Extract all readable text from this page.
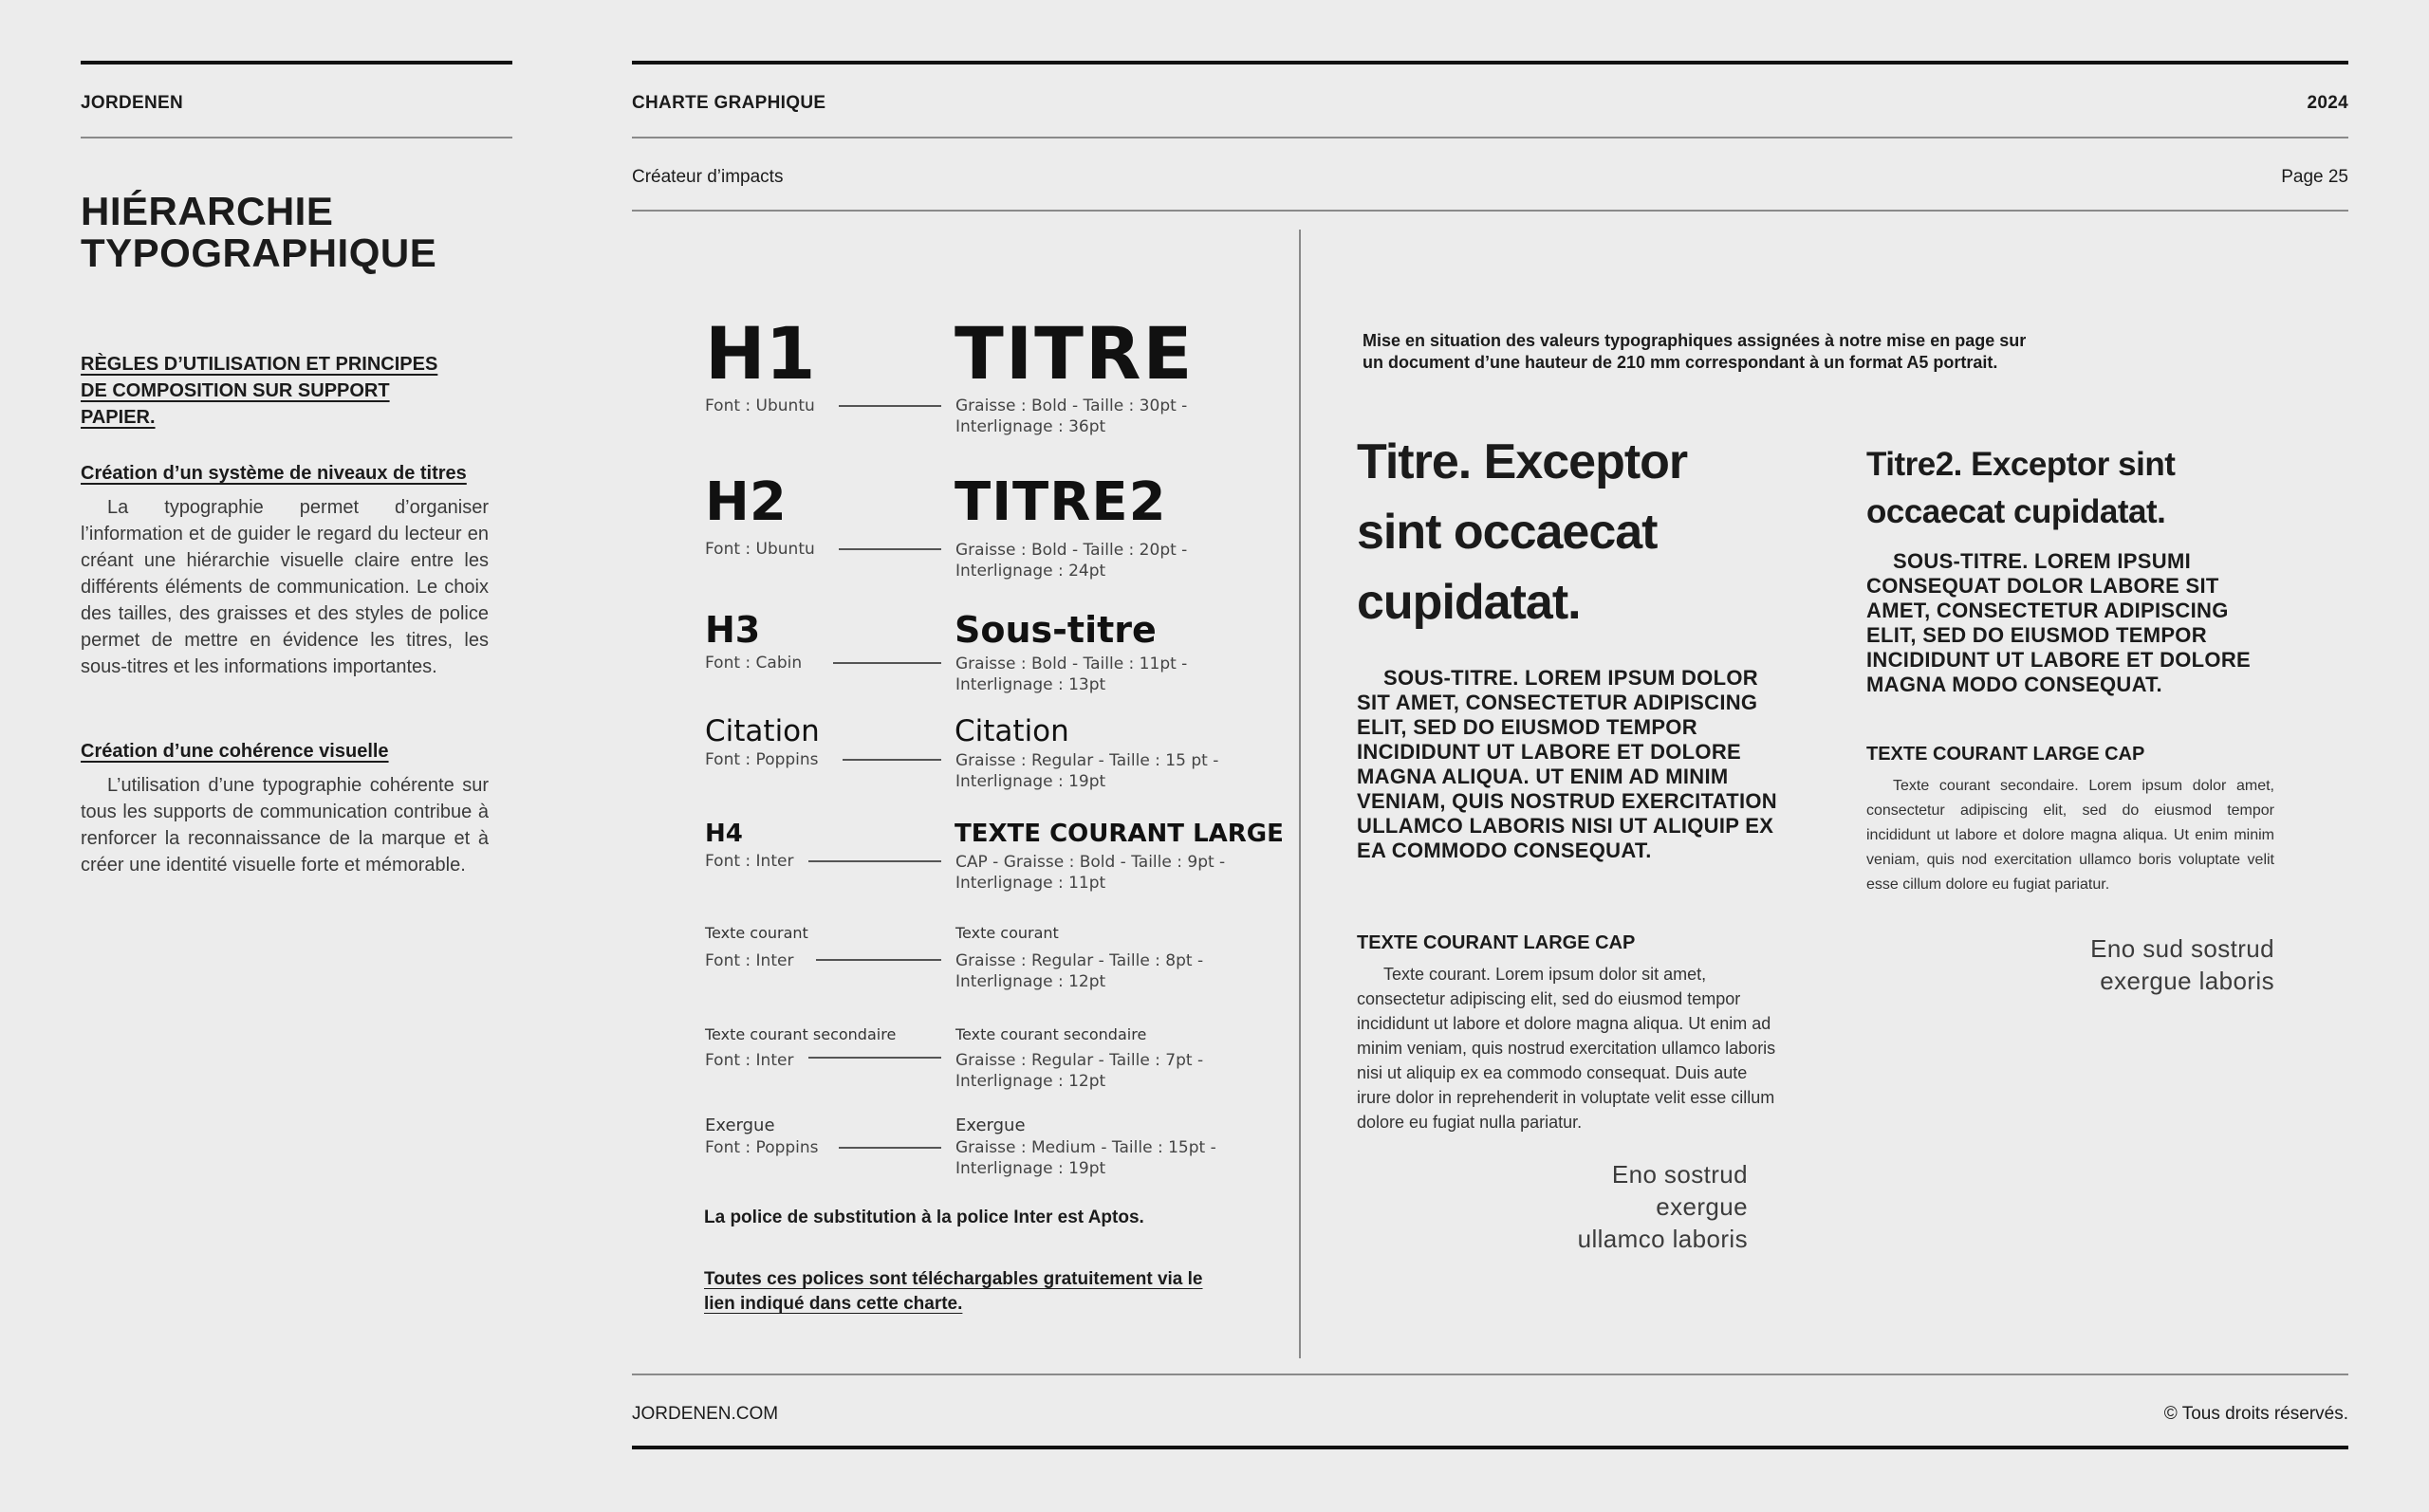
JORDENEN
HIÉRARCHIE
TYPOGRAPHIQUE
RÈGLES D’UTILISATION ET PRINCIPES DE COMPOSITION SUR SUPPORT PAPIER.
Création d’un système de niveaux de titres
La typographie permet d’organiser l’information et de guider le regard du lecteur en créant une hiérarchie visuelle claire entre les différents éléments de communication. Le choix des tailles, des graisses et des styles de police permet de mettre en évidence les titres, les sous-titres et les informations importantes.
Création d’une cohérence visuelle
L’utilisation d’une typographie cohérente sur tous les supports de communication contribue à renforcer la reconnaissance de la marque et à créer une identité visuelle forte et mémorable.
CHARTE GRAPHIQUE	2024
Créateur d’impacts	Page 25
H1
Font : Ubuntu
TITRE
Graisse : Bold - Taille : 30pt -
Interlignage : 36pt
H2
Font : Ubuntu
TITRE2
Graisse : Bold - Taille : 20pt -
Interlignage : 24pt
H3
Font : Cabin
Sous-titre
Graisse : Bold - Taille : 11pt -
Interlignage : 13pt
Citation
Font : Poppins
Citation
Graisse : Regular - Taille : 15 pt -
Interlignage : 19pt
H4
Font : Inter
TEXTE COURANT LARGE
CAP - Graisse : Bold - Taille : 9pt -
Interlignage : 11pt
Texte courant
Font : Inter
Texte courant
Graisse : Regular - Taille : 8pt -
Interlignage : 12pt
Texte courant secondaire
Font : Inter
Texte courant secondaire
Graisse : Regular - Taille : 7pt -
Interlignage : 12pt
Exergue
Font : Poppins
Exergue
Graisse : Medium - Taille : 15pt -
Interlignage : 19pt
La police de substitution à la police Inter est Aptos.
Toutes ces polices sont téléchargables gratuitement via le
lien indiqué dans cette charte.
Mise en situation des valeurs typographiques assignées à notre mise en page sur
un document d’une hauteur de 210 mm correspondant à un format A5 portrait.
Titre. Exceptor sint occaecat cupidatat.
SOUS-TITRE. LOREM IPSUM DOLOR SIT AMET, CONSECTETUR ADIPISCING ELIT, SED DO EIUSMOD TEMPOR INCIDIDUNT UT LABORE ET DOLORE MAGNA ALIQUA. UT ENIM AD MINIM VENIAM, QUIS NOSTRUD EXERCITATION ULLAMCO LABORIS NISI UT ALIQUIP EX EA COMMODO CONSEQUAT.
TEXTE COURANT LARGE CAP
Texte courant. Lorem ipsum dolor sit amet, consectetur adipiscing elit, sed do eiusmod tempor incididunt ut labore et dolore magna aliqua. Ut enim ad minim veniam, quis nostrud exercitation ullamco laboris nisi ut aliquip ex ea commodo consequat. Duis aute irure dolor in reprehenderit in voluptate velit esse cillum dolore eu fugiat nulla pariatur.
Eno sostrud
exergue
ullamco laboris
Titre2. Exceptor sint occaecat cupidatat.
SOUS-TITRE. LOREM IPSUMI CONSEQUAT DOLOR LABORE SIT AMET, CONSECTETUR ADIPISCING ELIT, SED DO EIUSMOD TEMPOR INCIDIDUNT UT LABORE ET DOLORE MAGNA MODO CONSEQUAT.
TEXTE COURANT LARGE CAP
Texte courant secondaire. Lorem ipsum dolor amet, consectetur adipiscing elit, sed do eiusmod tempor incididunt ut labore et dolore magna aliqua. Ut enim minim veniam, quis nod exercitation ullamco boris voluptate velit esse cillum dolore eu fugiat pariatur.
Eno sud sostrud
exergue laboris
JORDENEN.COM	© Tous droits réservés.
